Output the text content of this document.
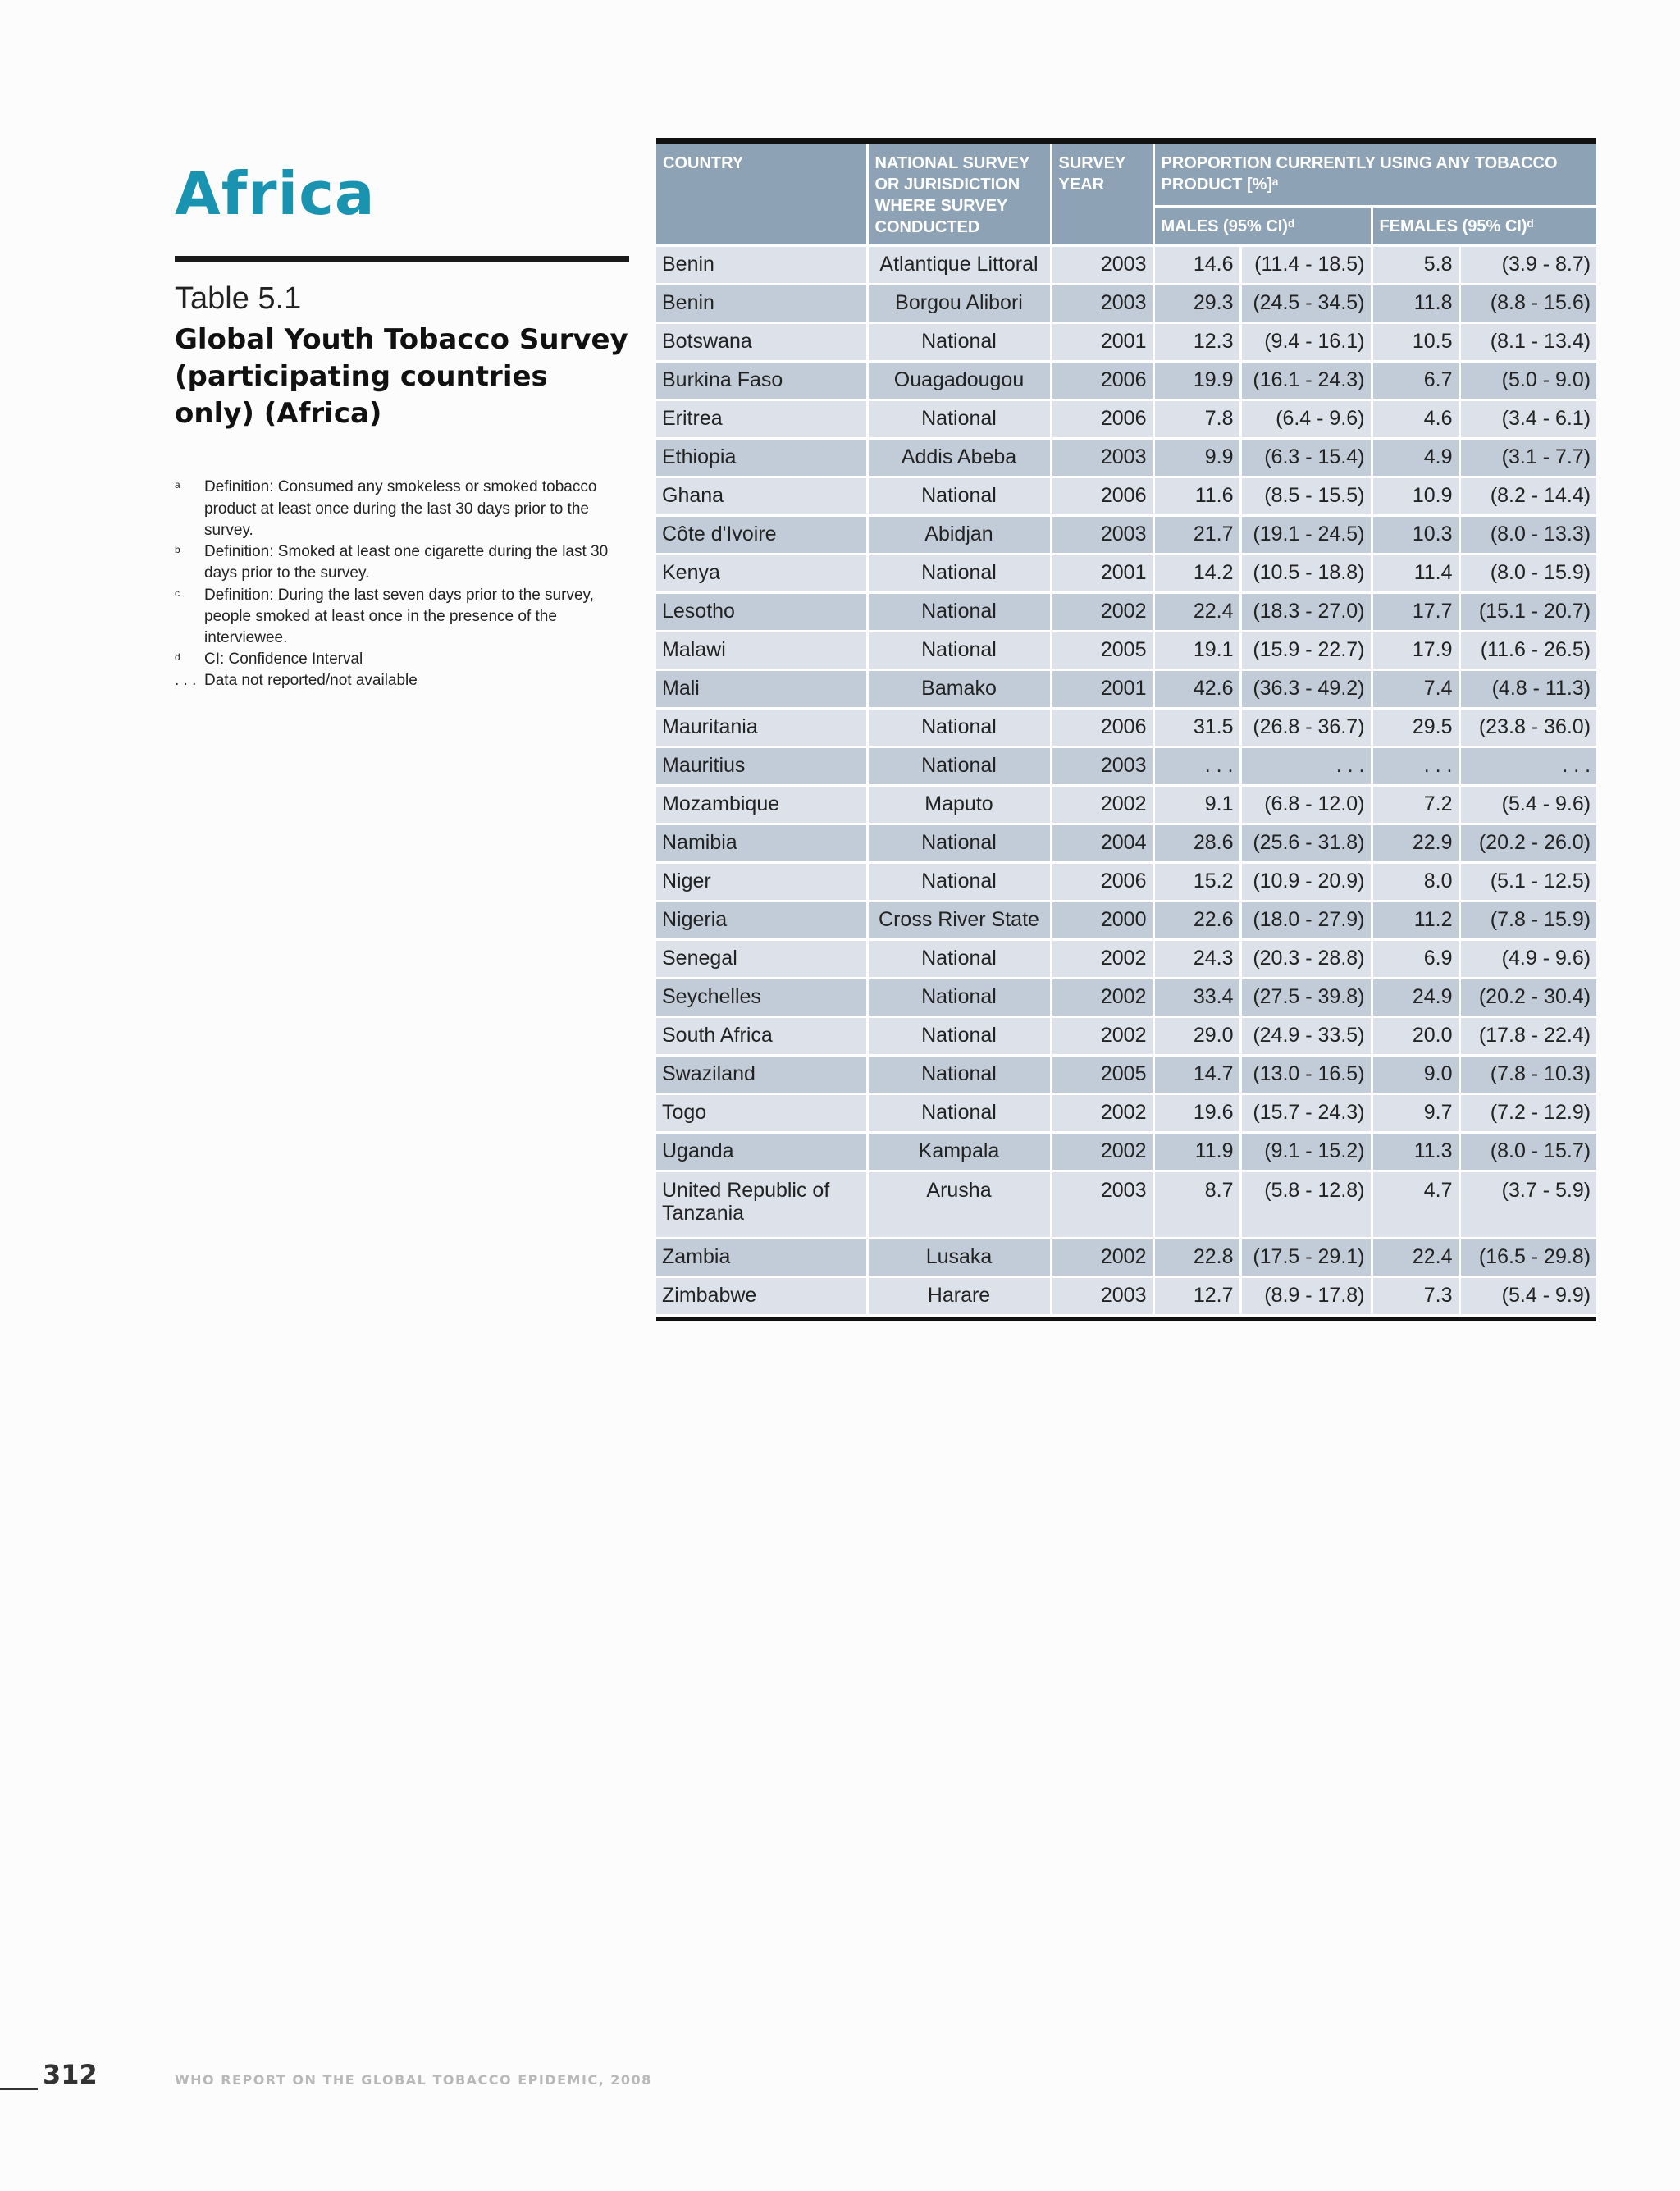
Africa
Table 5.1
Global Youth Tobacco Survey (participating countries only) (Africa)
a	Definition: Consumed any smokeless or smoked tobacco product at least once during the last 30 days prior to the survey.
b	Definition: Smoked at least one cigarette during the last 30 days prior to the survey.
c	Definition: During the last seven days prior to the survey, people smoked at least once in the presence of the interviewee.
d	CI: Confidence Interval
. . . Data not reported/not available
COUNTRY	NATIONAL SURVEY OR JURISDICTION WHERE SURVEY CONDUCTED	SURVEY YEAR	PROPORTION CURRENTLY USING ANY TOBACCO PRODUCT [%]ᵃ			
			MALES (95% CI)ᵈ		FEMALES (95% CI)ᵈ	
Benin	Atlantique Littoral	2003	14.6	(11.4 - 18.5)	5.8	(3.9 - 8.7)
Benin	Borgou Alibori	2003	29.3	(24.5 - 34.5)	11.8	(8.8 - 15.6)
Botswana	National	2001	12.3	(9.4 - 16.1)	10.5	(8.1 - 13.4)
Burkina Faso	Ouagadougou	2006	19.9	(16.1 - 24.3)	6.7	(5.0 - 9.0)
Eritrea	National	2006	7.8	(6.4 - 9.6)	4.6	(3.4 - 6.1)
Ethiopia	Addis Abeba	2003	9.9	(6.3 - 15.4)	4.9	(3.1 - 7.7)
Ghana	National	2006	11.6	(8.5 - 15.5)	10.9	(8.2 - 14.4)
Côte d'Ivoire	Abidjan	2003	21.7	(19.1 - 24.5)	10.3	(8.0 - 13.3)
Kenya	National	2001	14.2	(10.5 - 18.8)	11.4	(8.0 - 15.9)
Lesotho	National	2002	22.4	(18.3 - 27.0)	17.7	(15.1 - 20.7)
Malawi	National	2005	19.1	(15.9 - 22.7)	17.9	(11.6 - 26.5)
Mali	Bamako	2001	42.6	(36.3 - 49.2)	7.4	(4.8 - 11.3)
Mauritania	National	2006	31.5	(26.8 - 36.7)	29.5	(23.8 - 36.0)
Mauritius	National	2003	. . .	. . .	. . .	. . .
Mozambique	Maputo	2002	9.1	(6.8 - 12.0)	7.2	(5.4 - 9.6)
Namibia	National	2004	28.6	(25.6 - 31.8)	22.9	(20.2 - 26.0)
Niger	National	2006	15.2	(10.9 - 20.9)	8.0	(5.1 - 12.5)
Nigeria	Cross River State	2000	22.6	(18.0 - 27.9)	11.2	(7.8 - 15.9)
Senegal	National	2002	24.3	(20.3 - 28.8)	6.9	(4.9 - 9.6)
Seychelles	National	2002	33.4	(27.5 - 39.8)	24.9	(20.2 - 30.4)
South Africa	National	2002	29.0	(24.9 - 33.5)	20.0	(17.8 - 22.4)
Swaziland	National	2005	14.7	(13.0 - 16.5)	9.0	(7.8 - 10.3)
Togo	National	2002	19.6	(15.7 - 24.3)	9.7	(7.2 - 12.9)
Uganda	Kampala	2002	11.9	(9.1 - 15.2)	11.3	(8.0 - 15.7)
United Republic of Tanzania	Arusha	2003	8.7	(5.8 - 12.8)	4.7	(3.7 - 5.9)
Zambia	Lusaka	2002	22.8	(17.5 - 29.1)	22.4	(16.5 - 29.8)
Zimbabwe	Harare	2003	12.7	(8.9 - 17.8)	7.3	(5.4 - 9.9)
312	WHO REPORT ON THE GLOBAL TOBACCO EPIDEMIC, 2008
